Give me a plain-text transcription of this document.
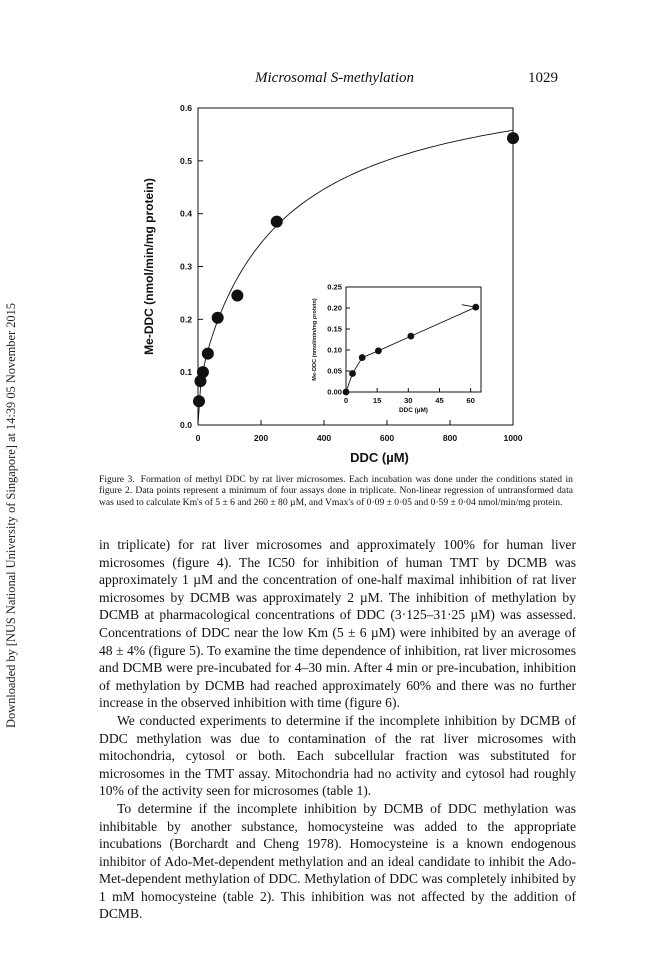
Downloaded by [NUS National University of Singapore] at 14:39 05 November 2015
Microsomal S-methylation	1029
0.0
0.1
0.2
0.3
0.4
0.5
0.6
0	200	400	600	800	1000
DDC (µM)
Me-DDC (nmol/min/mg protein)
0.00
0.05
0.10
0.15
0.20
0.25
0	15	30	45	60
DDC (µM)
Me-DDC (nmol/min/mg protein)
Figure 3. Formation of methyl DDC by rat liver microsomes. Each incubation was done under the conditions stated in figure 2. Data points represent a minimum of four assays done in triplicate. Non-linear regression of untransformed data was used to calculate Km's of 5 ± 6 and 260 ± 80 µM, and Vmax's of 0·09 ± 0·05 and 0·59 ± 0·04 nmol/min/mg protein.

in triplicate) for rat liver microsomes and approximately 100% for human liver microsomes (figure 4). The IC50 for inhibition of human TMT by DCMB was approximately 1 µM and the concentration of one-half maximal inhibition of rat liver microsomes by DCMB was approximately 2 µM. The inhibition of methylation by DCMB at pharmacological concentrations of DDC (3·125–31·25 µM) was assessed. Concentrations of DDC near the low Km (5 ± 6 µM) were inhibited by an average of 48 ± 4% (figure 5). To examine the time dependence of inhibition, rat liver microsomes and DCMB were pre-incubated for 4–30 min. After 4 min or pre-incubation, inhibition of methylation by DCMB had reached approximately 60% and there was no further increase in the observed inhibition with time (figure 6).

We conducted experiments to determine if the incomplete inhibition by DCMB of DDC methylation was due to contamination of the rat liver microsomes with mitochondria, cytosol or both. Each subcellular fraction was substituted for microsomes in the TMT assay. Mitochondria had no activity and cytosol had roughly 10% of the activity seen for microsomes (table 1).

To determine if the incomplete inhibition by DCMB of DDC methylation was inhibitable by another substance, homocysteine was added to the appropriate incubations (Borchardt and Cheng 1978). Homocysteine is a known endogenous inhibitor of Ado-Met-dependent methylation and an ideal candidate to inhibit the Ado-Met-dependent methylation of DDC. Methylation of DDC was completely inhibited by 1 mM homocysteine (table 2). This inhibition was not affected by the addition of DCMB.
